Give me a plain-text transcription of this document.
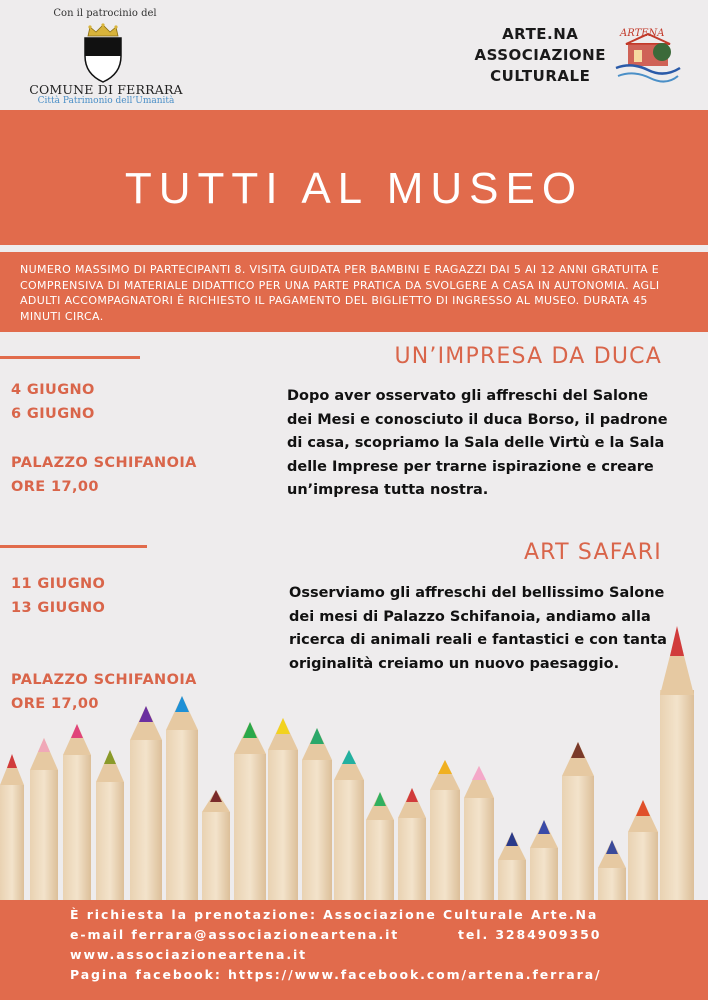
Con il patrocinio del
COMUNE DI FERRARA
Città Patrimonio dell’Umanità
ARTE.NA
ASSOCIAZIONE
CULTURALE
ARTENA
TUTTI AL MUSEO
NUMERO MASSIMO DI PARTECIPANTI 8. VISITA GUIDATA PER BAMBINI E RAGAZZI DAI 5 AI 12 ANNI GRATUITA E COMPRENSIVA DI MATERIALE DIDATTICO PER UNA PARTE PRATICA DA SVOLGERE A CASA IN AUTONOMIA. AGLI ADULTI ACCOMPAGNATORI È RICHIESTO IL PAGAMENTO DEL BIGLIETTO DI INGRESSO AL MUSEO. DURATA 45 MINUTI CIRCA.
UN’IMPRESA DA DUCA
4 GIUGNO
6 GIUGNO
PALAZZO SCHIFANOIA
ORE 17,00
Dopo aver osservato gli affreschi del Salone
dei Mesi e conosciuto il duca Borso, il padrone
di casa, scopriamo la Sala delle Virtù e la Sala
delle Imprese per trarne ispirazione e creare
un’impresa tutta nostra.
ART SAFARI
11 GIUGNO
13 GIUGNO
PALAZZO SCHIFANOIA
ORE 17,00
Osserviamo gli affreschi del bellissimo Salone
dei mesi di Palazzo Schifanoia, andiamo alla
ricerca di animali reali e fantastici e con tanta
originalità creiamo un nuovo paesaggio.
È richiesta la prenotazione: Associazione Culturale Arte.Na
e-mail ferrara@associazioneartena.it	tel. 3284909350
www.associazioneartena.it
Pagina facebook: https://www.facebook.com/artena.ferrara/
